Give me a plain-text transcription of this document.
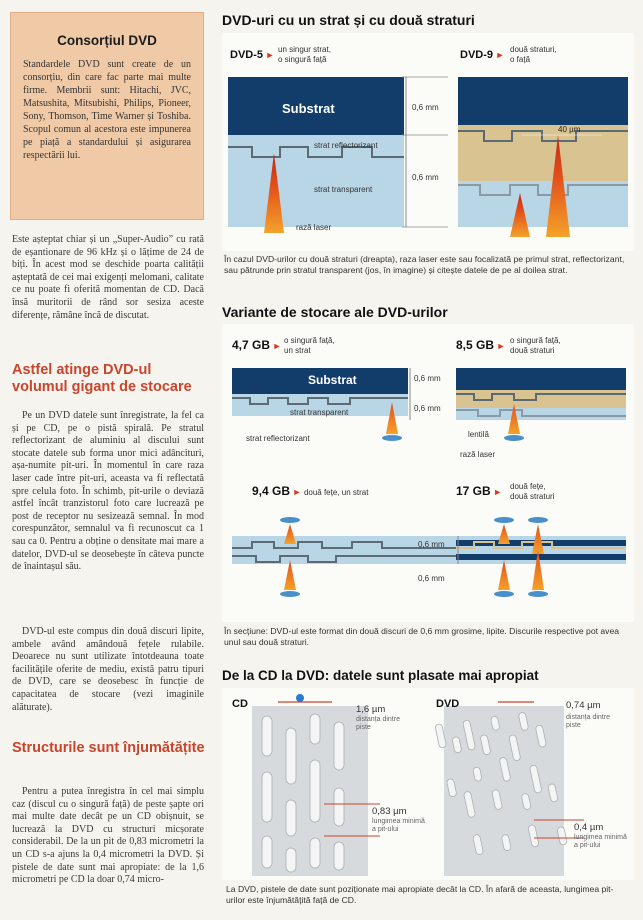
Consorțiul DVD

Standardele DVD sunt create de un consorțiu, din care fac parte mai multe firme. Membrii sunt: Hitachi, JVC, Matsushita, Mitsubishi, Philips, Pioneer, Sony, Thomson, Time Warner și Toshiba. Scopul comun al acestora este impunerea pe piață a standardului și asigurarea respectării lui.

Este așteptat chiar și un „Super-Audio” cu rată de eșantionare de 96 kHz și o lățime de 24 de biți. În acest mod se deschide poarta calității așteptată de cei mai exigenți melomani, calitate ce nu poate fi oferită momentan de CD. Dacă însă muritorii de rând sor sesiza aceste diferențe, rămâne încă de discutat.

Astfel atinge DVD-ul volumul gigant de stocare

Pe un DVD datele sunt înregistrate, la fel ca și pe CD, pe o pistă spirală. Pe stratul reflectorizant de aluminiu al discului sunt stocate datele sub forma unor mici adâncituri, așa-numite pit-uri. În momentul în care raza laser cade între pit-uri, aceasta va fi reflectată spre celula foto. În schimb, pit-urile o deviază astfel încât tranzistorul foto care lucrează pe post de receptor nu sesizează semnal. În mod corespunzător, semnalul va fi recunoscut ca 1 sau ca 0. Pentru a obține o densitate mai mare a datelor, DVD-ul se deosebește în câteva puncte de înaintașul său.

DVD-ul este compus din două discuri lipite, ambele având amândouă fețele rulabile. Deoarece nu sunt utilizate întotdeauna toate facilitățile oferite de mediu, există patru tipuri de DVD, care se deosebesc în funcție de capacitatea de stocare (vezi imaginile alăturate).

Structurile sunt înjumătățite

Pentru a putea înregistra în cel mai simplu caz (discul cu o singură față) de peste șapte ori mai multe date decât pe un CD obișnuit, se lucrează la DVD cu structuri micșorate considerabil. De la un pit de 0,83 micrometri la un CD s-a ajuns la 0,4 micrometri la DVD. Și pistele de date sunt mai apropiate: de la 1,6 micrometri pe CD la doar 0,74 micro-

DVD-uri cu un strat și cu două straturi
DVD-5 ►
un singur strat,
o singură față	DVD-9 ►
două straturi,
o față
Substrat	0,6 mm
0,6 mm
40 µm
strat reflectorizant
strat transparent
rază laser

În cazul DVD-urilor cu două straturi (dreapta), raza laser este sau focalizată pe primul strat, reflectorizant, sau pătrunde prin stratul transparent (jos, în imagine) și citește datele de pe al doilea strat.

Variante de stocare ale DVD-urilor
4,7 GB ►
o singură față,
un strat	8,5 GB ►
o singură față,
două straturi
Substrat	0,6 mm
0,6 mm
strat transparent
strat reflectorizant	lentilă
rază laser
9,4 GB ► două fețe, un strat	17 GB ►
două fețe,
două straturi
0,6 mm
0,6 mm

În secțiune: DVD-ul este format din două discuri de 0,6 mm grosime, lipite. Discurile respective pot avea unul sau două straturi.

De la CD la DVD: datele sunt plasate mai apropiat
CD	DVD
1,6 µm
distanța dintre
piste
0,74 µm
distanța dintre
piste
0,83 µm
lungimea minimă
a pit-ului	0,4 µm
lungimea minimă
a pit-ului

La DVD, pistele de date sunt poziționate mai apropiate decât la CD. În afară de aceasta, lungimea pit-urilor este înjumătățită față de CD.
